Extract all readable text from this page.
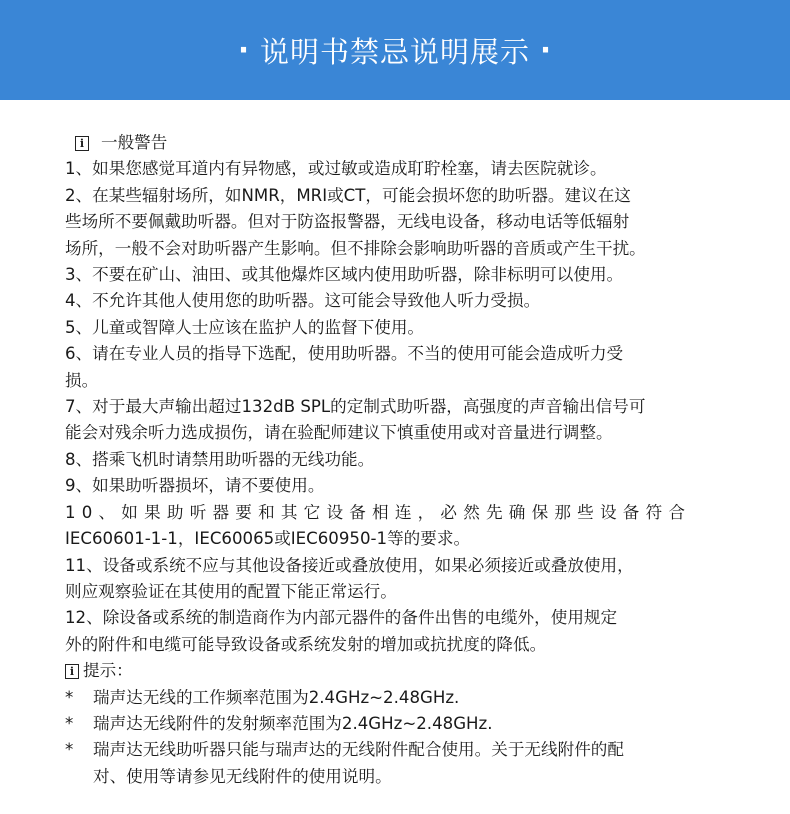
· 说明书禁忌说明展示 ·
i 一般警告
1、如果您感觉耳道内有异物感，或过敏或造成耵聍栓塞，请去医院就诊。
2、在某些辐射场所，如NMR，MRI或CT，可能会损坏您的助听器。建议在这
些场所不要佩戴助听器。但对于防盗报警器，无线电设备，移动电话等低辐射
场所，一般不会对助听器产生影响。但不排除会影响助听器的音质或产生干扰。
3、不要在矿山、油田、或其他爆炸区域内使用助听器，除非标明可以使用。
4、不允许其他人使用您的助听器。这可能会导致他人听力受损。
5、儿童或智障人士应该在监护人的监督下使用。
6、请在专业人员的指导下选配，使用助听器。不当的使用可能会造成听力受
损。
7、对于最大声输出超过132dB SPL的定制式助听器，高强度的声音输出信号可
能会对残余听力选成损伤，请在验配师建议下慎重使用或对音量进行调整。
8、搭乘飞机时请禁用助听器的无线功能。
9、如果助听器损坏，请不要使用。
10、如果助听器要和其它设备相连，必然先确保那些设备符合
IEC60601-1-1，IEC60065或IEC60950-1等的要求。
11、设备或系统不应与其他设备接近或叠放使用，如果必须接近或叠放使用，
则应观察验证在其使用的配置下能正常运行。
12、除设备或系统的制造商作为内部元器件的备件出售的电缆外，使用规定
外的附件和电缆可能导致设备或系统发射的增加或抗扰度的降低。
i 提示：
*	瑞声达无线的工作频率范围为2.4GHz~2.48GHz.
*	瑞声达无线附件的发射频率范围为2.4GHz~2.48GHz.
*	瑞声达无线助听器只能与瑞声达的无线附件配合使用。关于无线附件的配
对、使用等请参见无线附件的使用说明。
